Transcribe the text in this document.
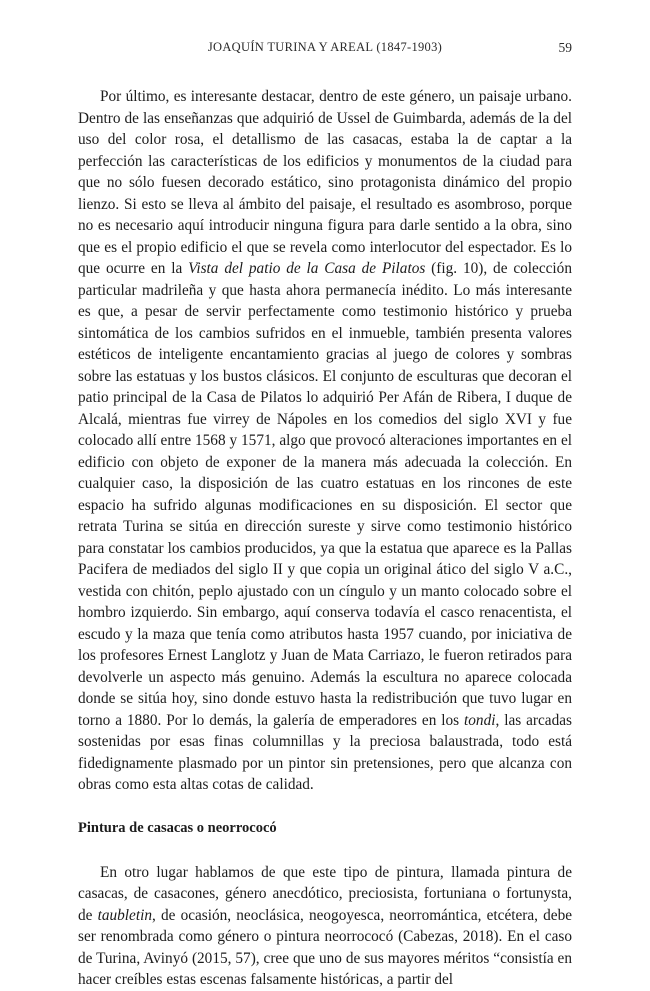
JOAQUÍN TURINA Y AREAL (1847-1903)	59

Por último, es interesante destacar, dentro de este género, un paisaje urbano. Dentro de las enseñanzas que adquirió de Ussel de Guimbarda, además de la del uso del color rosa, el detallismo de las casacas, estaba la de captar a la perfección las características de los edificios y monumentos de la ciudad para que no sólo fuesen decorado estático, sino protagonista dinámico del propio lienzo. Si esto se lleva al ámbito del paisaje, el resultado es asombroso, porque no es necesario aquí introducir ninguna figura para darle sentido a la obra, sino que es el propio edificio el que se revela como interlocutor del espectador. Es lo que ocurre en la Vista del patio de la Casa de Pilatos (fig. 10), de colección particular madrileña y que hasta ahora permanecía inédito. Lo más interesante es que, a pesar de servir perfectamente como testimonio histórico y prueba sintomática de los cambios sufridos en el inmueble, también presenta valores estéticos de inteligente encantamiento gracias al juego de colores y sombras sobre las estatuas y los bustos clásicos. El conjunto de esculturas que decoran el patio principal de la Casa de Pilatos lo adquirió Per Afán de Ribera, I duque de Alcalá, mientras fue virrey de Nápoles en los comedios del siglo XVI y fue colocado allí entre 1568 y 1571, algo que provocó alteraciones importantes en el edificio con objeto de exponer de la manera más adecuada la colección. En cualquier caso, la disposición de las cuatro estatuas en los rincones de este espacio ha sufrido algunas modificaciones en su disposición. El sector que retrata Turina se sitúa en dirección sureste y sirve como testimonio histórico para constatar los cambios producidos, ya que la estatua que aparece es la Pallas Pacifera de mediados del siglo II y que copia un original ático del siglo V a.C., vestida con chitón, peplo ajustado con un cíngulo y un manto colocado sobre el hombro izquierdo. Sin embargo, aquí conserva todavía el casco renacentista, el escudo y la maza que tenía como atributos hasta 1957 cuando, por iniciativa de los profesores Ernest Langlotz y Juan de Mata Carriazo, le fueron retirados para devolverle un aspecto más genuino. Además la escultura no aparece colocada donde se sitúa hoy, sino donde estuvo hasta la redistribución que tuvo lugar en torno a 1880. Por lo demás, la galería de emperadores en los tondi, las arcadas sostenidas por esas finas columnillas y la preciosa balaustrada, todo está fidedignamente plasmado por un pintor sin pretensiones, pero que alcanza con obras como esta altas cotas de calidad.

Pintura de casacas o neorrococó

En otro lugar hablamos de que este tipo de pintura, llamada pintura de casacas, de casacones, género anecdótico, preciosista, fortuniana o fortunysta, de taubletin, de ocasión, neoclásica, neogoyesca, neorromántica, etcétera, debe ser renombrada como género o pintura neorrococó (Cabezas, 2018). En el caso de Turina, Avinyó (2015, 57), cree que uno de sus mayores méritos “consistía en hacer creíbles estas escenas falsamente históricas, a partir del
